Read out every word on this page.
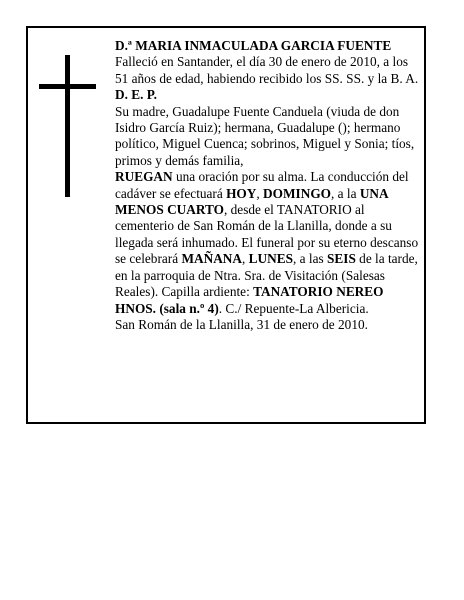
D.ª MARIA INMACULADA GARCIA FUENTE

Falleció en Santander, el día 30 de enero de 2010, a los 51 años de edad, habiendo recibido los SS. SS. y la B. A.

D. E. P.

Su madre, Guadalupe Fuente Canduela (viuda de don Isidro García Ruiz); hermana, Guadalupe (); hermano político, Miguel Cuenca; sobrinos, Miguel y Sonia; tíos, primos y demás familia,

RUEGAN una oración por su alma. La conducción del cadáver se efectuará HOY, DOMINGO, a la UNA MENOS CUARTO, desde el TANATORIO al cementerio de San Román de la Llanilla, donde a su llegada será inhumado. El funeral por su eterno descanso se celebrará MAÑANA, LUNES, a las SEIS de la tarde, en la parroquia de Ntra. Sra. de Visitación (Salesas Reales). Capilla ardiente: TANATORIO NEREO HNOS. (sala n.º 4). C./ Repuente-La Albericia.

San Román de la Llanilla, 31 de enero de 2010.
